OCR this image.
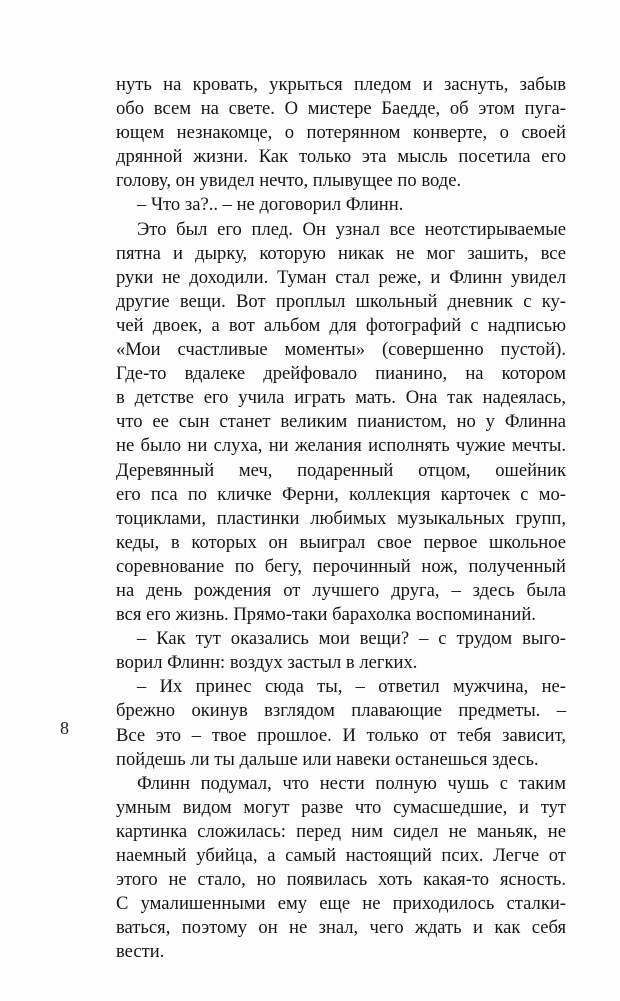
нуть на кровать, укрыться пледом и заснуть, забыв
обо всем на свете. О мистере Баедде, об этом пуга-
ющем незнакомце, о потерянном конверте, о своей
дрянной жизни. Как только эта мысль посетила его
голову, он увидел нечто, плывущее по воде.
– Что за?.. – не договорил Флинн.
Это был его плед. Он узнал все неотстирываемые
пятна и дырку, которую никак не мог зашить, все
руки не доходили. Туман стал реже, и Флинн увидел
другие вещи. Вот проплыл школьный дневник с ку-
чей двоек, а вот альбом для фотографий с надписью
«Мои счастливые моменты» (совершенно пустой).
Где-то вдалеке дрейфовало пианино, на котором
в детстве его учила играть мать. Она так надеялась,
что ее сын станет великим пианистом, но у Флинна
не было ни слуха, ни желания исполнять чужие мечты.
Деревянный меч, подаренный отцом, ошейник
его пса по кличке Ферни, коллекция карточек с мо-
тоциклами, пластинки любимых музыкальных групп,
кеды, в которых он выиграл свое первое школьное
соревнование по бегу, перочинный нож, полученный
на день рождения от лучшего друга, – здесь была
вся его жизнь. Прямо-таки барахолка воспоминаний.
– Как тут оказались мои вещи? – с трудом выго-
ворил Флинн: воздух застыл в легких.
– Их принес сюда ты, – ответил мужчина, не-
брежно окинув взглядом плавающие предметы. –
Все это – твое прошлое. И только от тебя зависит,
пойдешь ли ты дальше или навеки останешься здесь.
Флинн подумал, что нести полную чушь с таким
умным видом могут разве что сумасшедшие, и тут
картинка сложилась: перед ним сидел не маньяк, не
наемный убийца, а самый настоящий псих. Легче от
этого не стало, но появилась хоть какая-то ясность.
С умалишенными ему еще не приходилось сталки-
ваться, поэтому он не знал, чего ждать и как себя
вести.
8
